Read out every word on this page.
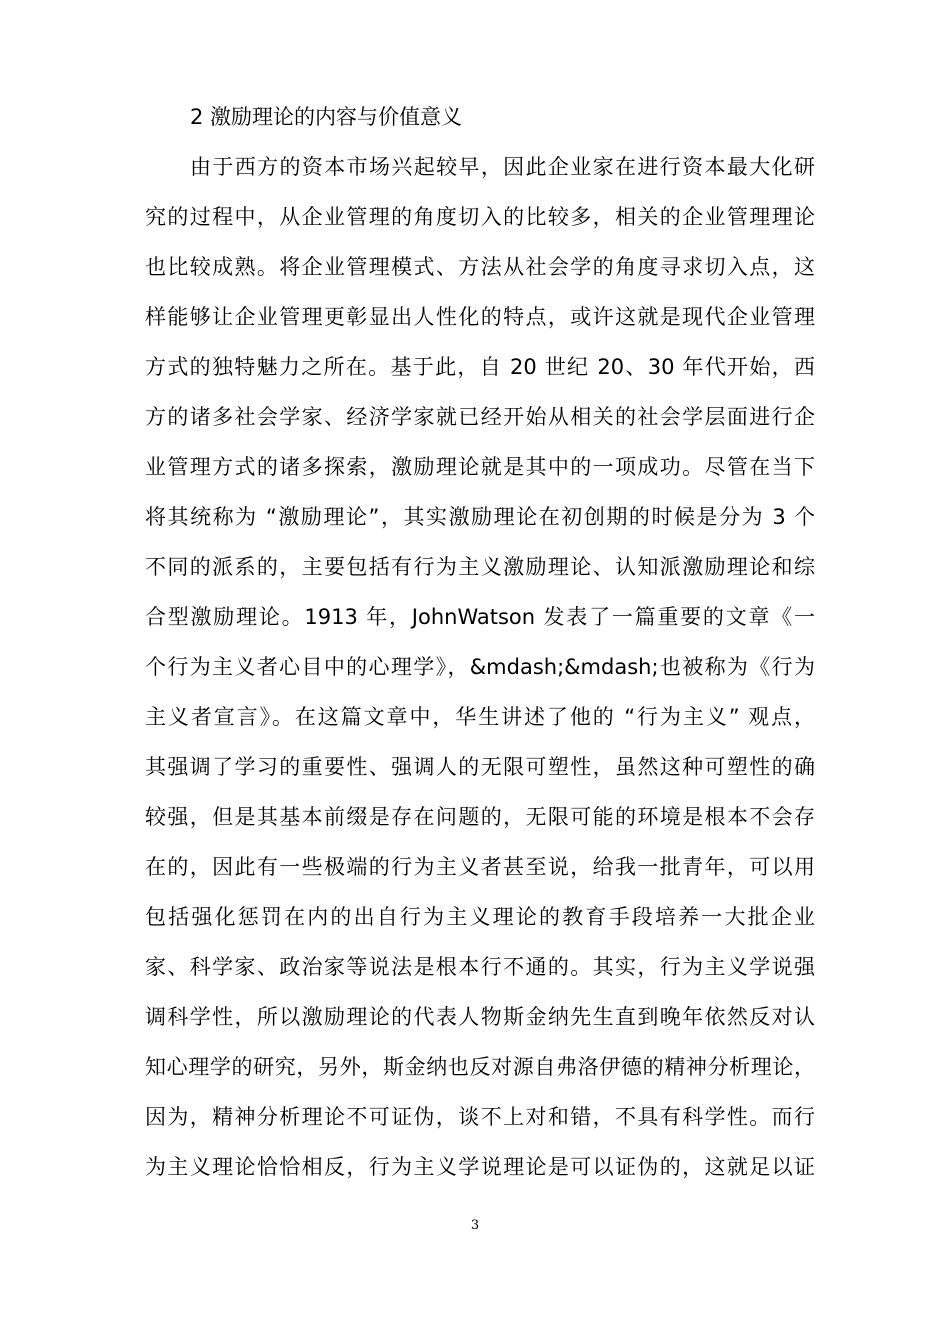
2 激励理论的内容与价值意义
由于西方的资本市场兴起较早，因此企业家在进行资本最大化研
究的过程中，从企业管理的角度切入的比较多，相关的企业管理理论
也比较成熟。将企业管理模式、方法从社会学的角度寻求切入点，这
样能够让企业管理更彰显出人性化的特点，或许这就是现代企业管理
方式的独特魅力之所在。基于此，自 20 世纪 20、30 年代开始，西
方的诸多社会学家、经济学家就已经开始从相关的社会学层面进行企
业管理方式的诸多探索，激励理论就是其中的一项成功。尽管在当下
将其统称为 “激励理论”，其实激励理论在初创期的时候是分为 3 个
不同的派系的，主要包括有行为主义激励理论、认知派激励理论和综
合型激励理论。1913 年，JohnWatson 发表了一篇重要的文章《一
个行为主义者心目中的心理学》，&mdash;&mdash;也被称为《行为
主义者宣言》。在这篇文章中，华生讲述了他的 “行为主义” 观点，
其强调了学习的重要性、强调人的无限可塑性，虽然这种可塑性的确
较强，但是其基本前缀是存在问题的，无限可能的环境是根本不会存
在的，因此有一些极端的行为主义者甚至说，给我一批青年，可以用
包括强化惩罚在内的出自行为主义理论的教育手段培养一大批企业
家、科学家、政治家等说法是根本行不通的。其实，行为主义学说强
调科学性，所以激励理论的代表人物斯金纳先生直到晚年依然反对认
知心理学的研究，另外，斯金纳也反对源自弗洛伊德的精神分析理论，
因为，精神分析理论不可证伪，谈不上对和错，不具有科学性。而行
为主义理论恰恰相反，行为主义学说理论是可以证伪的，这就足以证
3
